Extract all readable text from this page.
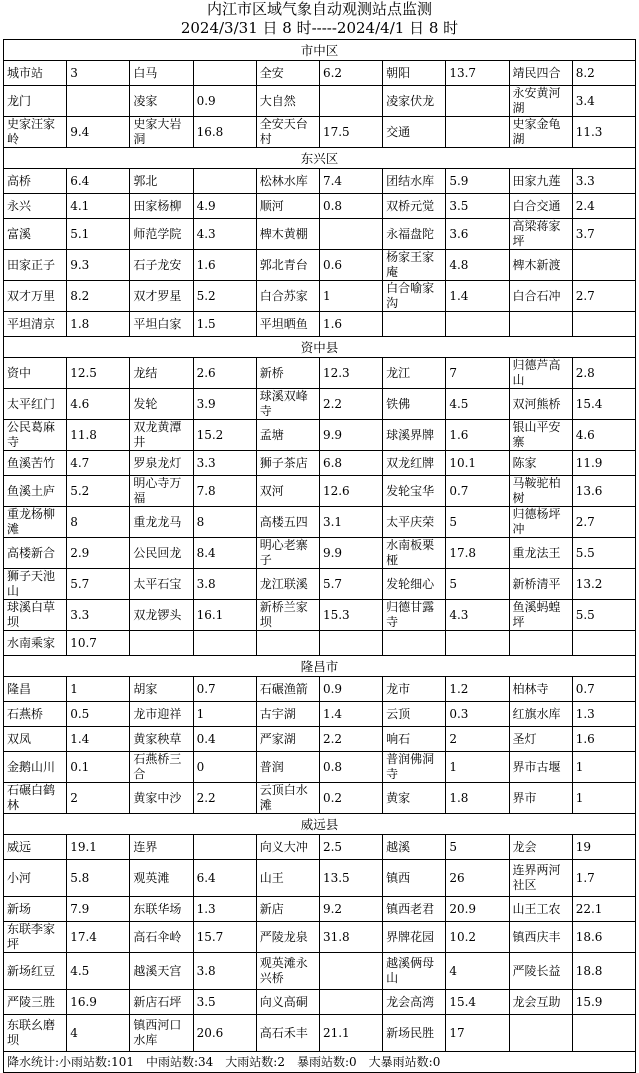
内江市区域气象自动观测站点监测
2024/3/31 日 8 时-----2024/4/1 日 8 时
市中区									
城市站	3	白马		全安	6.2	朝阳	13.7	靖民四合	8.2
龙门		凌家	0.9	大自然		凌家伏龙		永安黄河湖	3.4
史家汪家岭	9.4	史家大岩洞	16.8	全安天台村	17.5	交通		史家金龟湖	11.3
东兴区									
高桥	6.4	郭北		松林水库	7.4	团结水库	5.9	田家九莲	3.3
永兴	4.1	田家杨柳	4.9	顺河	0.8	双桥元觉	3.5	白合交通	2.4
富溪	5.1	师范学院	4.3	椑木黄棚		永福盘陀	3.6	高梁蒋家坪	3.7
田家正子	9.3	石子龙安	1.6	郭北青台	0.6	杨家王家庵	4.8	椑木新渡	
双才万里	8.2	双才罗星	5.2	白合苏家	1	白合喻家沟	1.4	白合石冲	2.7
平坦清京	1.8	平坦白家	1.5	平坦晒鱼	1.6				
资中县									
资中	12.5	龙结	2.6	新桥	12.3	龙江	7	归德芦高山	2.8
太平红门	4.6	发轮	3.9	球溪双峰寺	2.2	铁佛	4.5	双河熊桥	15.4
公民葛麻寺	11.8	双龙黄潭井	15.2	孟塘	9.9	球溪界牌	1.6	银山平安寨	4.6
鱼溪苦竹	4.7	罗泉龙灯	3.3	狮子茶店	6.8	双龙红牌	10.1	陈家	11.9
鱼溪土庐	5.2	明心寺万福	7.8	双河	12.6	发轮宝华	0.7	马鞍驼柏树	13.6
重龙杨柳滩	8	重龙龙马	8	高楼五四	3.1	太平庆荣	5	归德杨坪冲	2.7
高楼新合	2.9	公民回龙	8.4	明心老寨子	9.9	水南板栗桠	17.8	重龙法王	5.5
狮子天池山	5.7	太平石宝	3.8	龙江联溪	5.7	发轮细心	5	新桥清平	13.2
球溪白草坝	3.3	双龙锣头	16.1	新桥兰家坝	15.3	归德甘露寺	4.3	鱼溪蚂蝗坪	5.5
水南乘家	10.7								
隆昌市									
隆昌	1	胡家	0.7	石碾渔箭	0.9	龙市	1.2	柏林寺	0.7
石燕桥	0.5	龙市迎祥	1	古宇湖	1.4	云顶	0.3	红旗水库	1.3
双凤	1.4	黄家秧草	0.4	严家湖	2.2	响石	2	圣灯	1.6
金鹅山川	0.1	石燕桥三合	0	普润	0.8	普润佛洞寺	1	界市古堰	1
石碾白鹤林	2	黄家中沙	2.2	云顶白水滩	0.2	黄家	1.8	界市	1
威远县									
威远	19.1	连界		向义大冲	2.5	越溪	5	龙会	19
小河	5.8	观英滩	6.4	山王	13.5	镇西	26	连界两河社区	1.7
新场	7.9	东联华场	1.3	新店	9.2	镇西老君	20.9	山王工农	22.1
东联李家坪	17.4	高石伞岭	15.7	严陵龙泉	31.8	界牌花园	10.2	镇西庆丰	18.6
新场红豆	4.5	越溪天宫	3.8	观英滩永兴桥		越溪俩母山	4	严陵长益	18.8
严陵三胜	16.9	新店石坪	3.5	向义高硐		龙会高湾	15.4	龙会互助	15.9
东联幺磨坝	4	镇西河口水库	20.6	高石禾丰	21.1	新场民胜	17		
降水统计:小雨站数:101　中雨站数:34　大雨站数:2　暴雨站数:0　大暴雨站数:0									
